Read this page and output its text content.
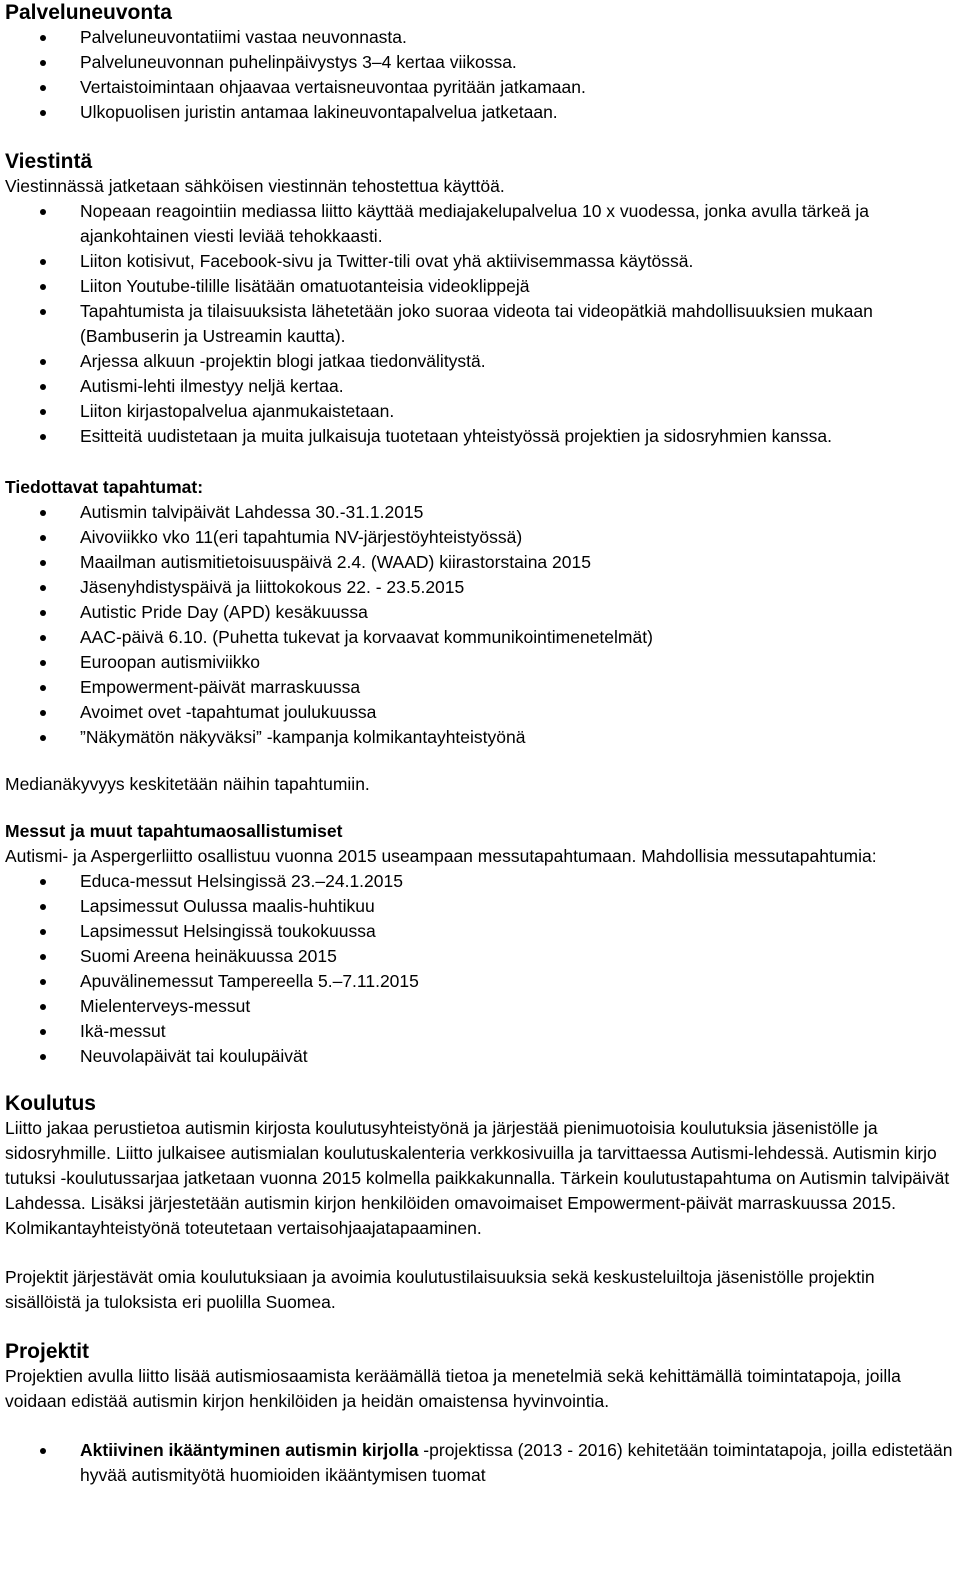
Palveluneuvonta
Palveluneuvontatiimi vastaa neuvonnasta.
Palveluneuvonnan puhelinpäivystys 3–4 kertaa viikossa.
Vertaistoimintaan ohjaavaa vertaisneuvontaa pyritään jatkamaan.
Ulkopuolisen juristin antamaa lakineuvontapalvelua jatketaan.
Viestintä

Viestinnässä jatketaan sähköisen viestinnän tehostettua käyttöä.

Nopeaan reagointiin mediassa liitto käyttää mediajakelupalvelua 10 x vuodessa, jonka avulla tärkeä ja ajankohtainen viesti leviää tehokkaasti.
Liiton kotisivut, Facebook-sivu ja Twitter-tili ovat yhä aktiivisemmassa käytössä.
Liiton Youtube-tilille lisätään omatuotanteisia videoklippejä
Tapahtumista ja tilaisuuksista lähetetään joko suoraa videota tai videopätkiä mahdollisuuksien mukaan (Bambuserin ja Ustreamin kautta).
Arjessa alkuun -projektin blogi jatkaa tiedonvälitystä.
Autismi-lehti ilmestyy neljä kertaa.
Liiton kirjastopalvelua ajanmukaistetaan.
Esitteitä uudistetaan ja muita julkaisuja tuotetaan yhteistyössä projektien ja sidosryhmien kanssa.
Tiedottavat tapahtumat:
Autismin talvipäivät Lahdessa 30.-31.1.2015
Aivoviikko vko 11(eri tapahtumia NV-järjestöyhteistyössä)
Maailman autismitietoisuuspäivä 2.4. (WAAD) kiirastorstaina 2015
Jäsenyhdistyspäivä ja liittokokous 22. - 23.5.2015
Autistic Pride Day (APD) kesäkuussa
AAC-päivä 6.10. (Puhetta tukevat ja korvaavat kommunikointimenetelmät)
Euroopan autismiviikko
Empowerment-päivät marraskuussa
Avoimet ovet -tapahtumat joulukuussa
”Näkymätön näkyväksi” -kampanja kolmikantayhteistyönä

Medianäkyvyys keskitetään näihin tapahtumiin.

Messut ja muut tapahtumaosallistumiset

Autismi- ja Aspergerliitto osallistuu vuonna 2015 useampaan messutapahtumaan. Mahdollisia messutapahtumia:

Educa-messut Helsingissä 23.–24.1.2015
Lapsimessut Oulussa maalis-huhtikuu
Lapsimessut Helsingissä toukokuussa
Suomi Areena heinäkuussa 2015
Apuvälinemessut Tampereella 5.–7.11.2015
Mielenterveys-messut
Ikä-messut
Neuvolapäivät tai koulupäivät
Koulutus

Liitto jakaa perustietoa autismin kirjosta koulutusyhteistyönä ja järjestää pienimuotoisia koulutuksia jäsenistölle ja sidosryhmille. Liitto julkaisee autismialan koulutuskalenteria verkkosivuilla ja tarvittaessa Autismi-lehdessä. Autismin kirjo tutuksi -koulutussarjaa jatketaan vuonna 2015 kolmella paikkakunnalla. Tärkein koulutustapahtuma on Autismin talvipäivät Lahdessa. Lisäksi järjestetään autismin kirjon henkilöiden omavoimaiset Empowerment-päivät marraskuussa 2015. Kolmikantayhteistyönä toteutetaan vertaisohjaajatapaaminen.

Projektit järjestävät omia koulutuksiaan ja avoimia koulutustilaisuuksia sekä keskusteluiltoja jäsenistölle projektin sisällöistä ja tuloksista eri puolilla Suomea.

Projektit

Projektien avulla liitto lisää autismiosaamista keräämällä tietoa ja menetelmiä sekä kehittämällä toimintatapoja, joilla voidaan edistää autismin kirjon henkilöiden ja heidän omaistensa hyvinvointia.

Aktiivinen ikääntyminen autismin kirjolla -projektissa (2013 - 2016) kehitetään toimintatapoja, joilla edistetään hyvää autismityötä huomioiden ikääntymisen tuomat
